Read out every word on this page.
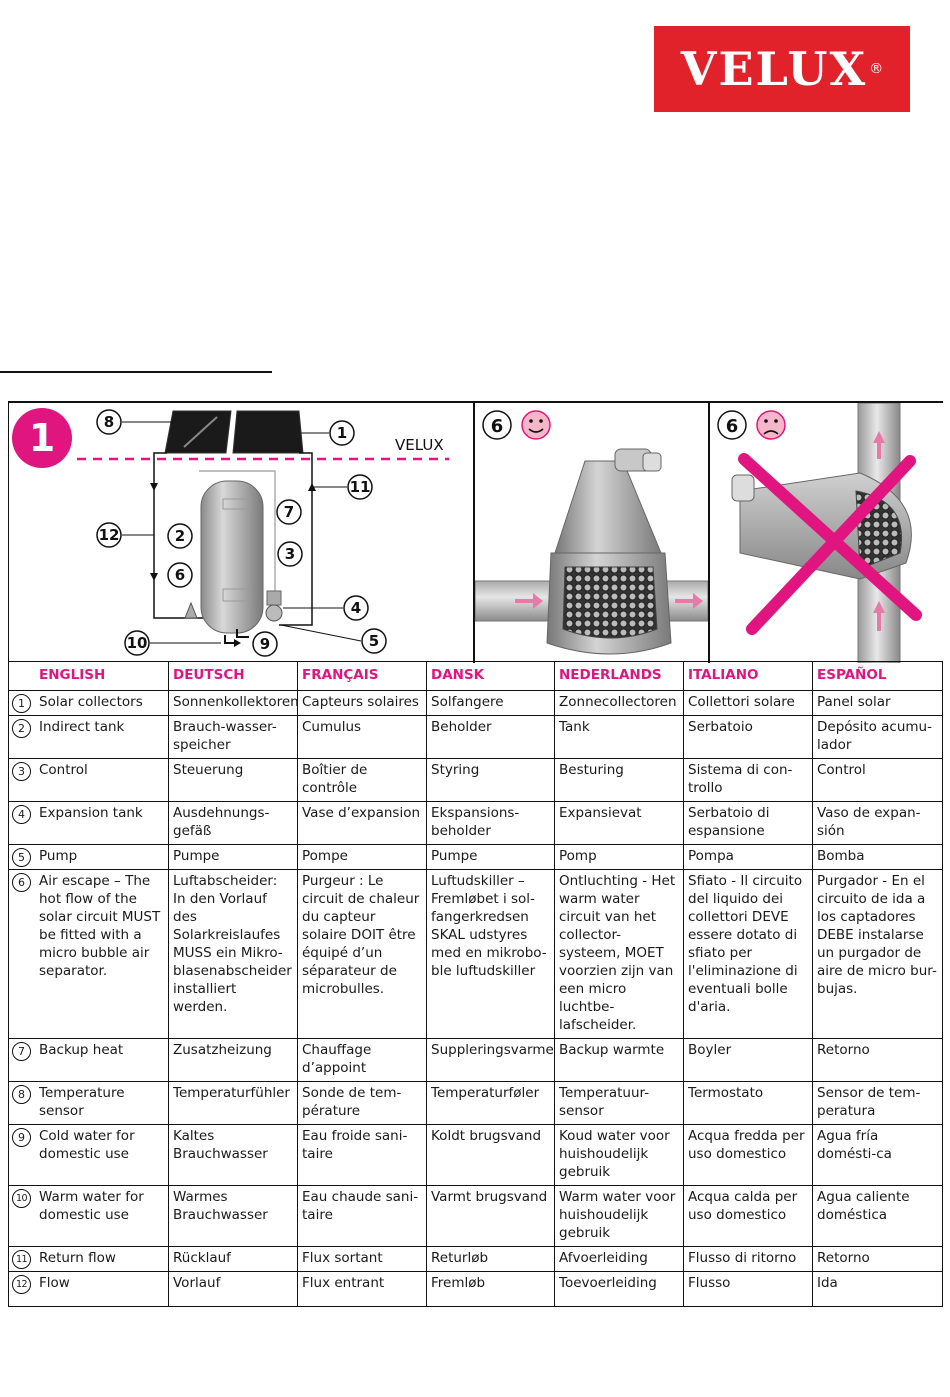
VELUX ®
1	VELUX
8
1
11
12	2
7
3
6
4
5
10	9
6	6
ENGLISH	DEUTSCH	FRANÇAIS	DANSK	NEDERLANDS	ITALIANO	ESPAÑOL

1 Solar collectors	Sonnenkollektoren	Capteurs solaires	Solfangere	Zonnecollectoren	Collettori solare	Panel solar

2 Indirect tank	Brauch-wasser-speicher	Cumulus	Beholder	Tank	Serbatoio	Depósito acumu-lador

3 Control	Steuerung	Boîtier de contrôle	Styring	Besturing	Sistema di con-trollo	Control

4 Expansion tank	Ausdehnungs-gefäß	Vase d’expansion	Ekspansions-beholder	Expansievat	Serbatoio di espansione	Vaso de expan-sión

5 Pump	Pumpe	Pompe	Pumpe	Pomp	Pompa	Bomba

6 Air escape – The hot flow of the solar circuit MUST be fitted with a micro bubble air separator.	Luftabscheider: In den Vorlauf des Solarkreislaufes MUSS ein Mikro-blasenabscheider installiert werden.	Purgeur : Le circuit de chaleur du capteur solaire DOIT être équipé d’un séparateur de microbulles.	Luftudskiller – Fremløbet i sol-fangerkredsen SKAL udstyres med en mikrobo-ble luftudskiller	Ontluchting - Het warm water circuit van het collector-systeem, MOET voorzien zijn van een micro luchtbe-lafscheider.	Sfiato - Il circuito del liquido dei collettori DEVE essere dotato di sfiato per l'eliminazione di eventuali bolle d'aria.	Purgador - En el circuito de ida a los captadores DEBE instalarse un purgador de aire de micro bur-bujas.

7 Backup heat	Zusatzheizung	Chauffage d’appoint	Suppleringsvarme	Backup warmte	Boyler	Retorno

8 Temperature sensor	Temperaturfühler	Sonde de tem-pérature	Temperaturføler	Temperatuur-sensor	Termostato	Sensor de tem-peratura

9 Cold water for domestic use	Kaltes Brauchwasser	Eau froide sani-taire	Koldt brugsvand	Koud water voor huishoudelijk gebruik	Acqua fredda per uso domestico	Agua fría domésti-ca

10 Warm water for domestic use	Warmes Brauchwasser	Eau chaude sani-taire	Varmt brugsvand	Warm water voor huishoudelijk gebruik	Acqua calda per uso domestico	Agua caliente doméstica

11 Return flow	Rücklauf	Flux sortant	Returløb	Afvoerleiding	Flusso di ritorno	Retorno

12 Flow	Vorlauf	Flux entrant	Fremløb	Toevoerleiding	Flusso	Ida
